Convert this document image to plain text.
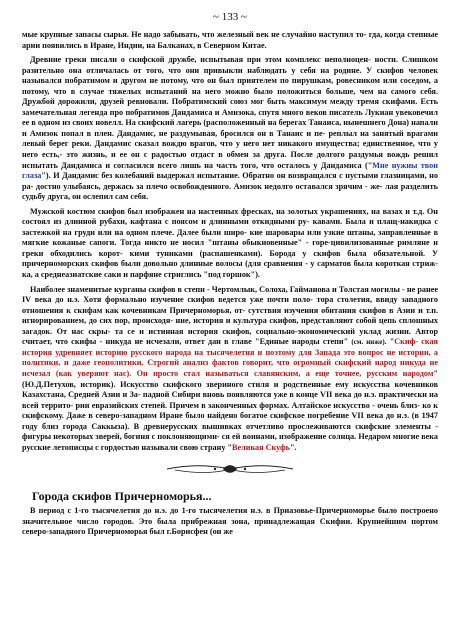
~ 133 ~

мые крупные запасы сырья. Не надо забывать, что железный век не случайно наступил то- гда, когда степные арии появились в Иране, Индии, на Балканах, в Северном Китае.

Древние греки писали о скифской дружбе, испытывая при этом комплекс неполноцен- ности. Слишком разительно она отличалась от того, что они привыкли наблюдать у себя на родине. У скифов человек назывался побратимом и другом не потому, что он был приятелем по пирушкам, ровесником или соседом, а потому, что в случае тяжелых испытаний на него можно было положиться больше, чем на самого себя. Дружбой дорожили, друзей ревновали. Побратимский союз мог быть максимум между тремя скифами. Есть замечательная легенда про побратимов Дандамиса и Амизока, спутя много веков писатель Лукиан увековечил ее в одном из своих новелл. На скифский лагерь (расположенный на берегах Танаиса, нынешнего Дона) напали и Амизок попал в плен. Дандамис, не раздумывая, бросился он в Танаис и пе- реплыл на занятый врагами левый берег реки. Дандамис сказал вождю врагов, что у него нет никакого имущества; единственное, что у него есть,- это жизнь, и ее он с радостью отдаст в обмен за друга. После долгого раздумья вождь решил испытать Дандамиса и согласился всего лишь на часть того, что осталось у Дандамиса ("Мне нужны твои глаза"). И Дандамис без колебаний выдержал испытание. Обратно он возвращался с пустыми глазницами, но ра- достно улыбаясь, держась за плечо освобожденного. Амизок недолго оставался зрячим - же- лая разделить судьбу друга, он ослепил сам себя.

Мужской костюм скифов был изображен на настенных фресках, на золотых украшениях, на вазах и т.д. Он состоял из длинной рубахи, кафтана с поясом и длинными откидными ру- кавами. Была и плащ-накидка с застежкой на груди или на одном плече. Далее были широ- кие шаровары или узкие штаны, заправленные в мягкие кожаные сапоги. Тогда никто не носил "штаны обыкновенные" - горе-цивилизованные римляне и греки обходились корот- кими туниками (распашенками). Борода у скифов была обязательной. У причерноморских скифов были довольно длинные волосы (для сравнения - у сарматов была короткая стриж- ка, а среднеазиатские саки и парфяне стриглись "под горшок").

Наиболее знаменитые курганы скифов в степи - Чертомлык, Солоха, Гаймановa и Толстая могилы - не ранее IV века до н.э. Хотя формально изучение скифов ведется уже почти поло- тора столетия, ввиду западного отношения к скифам как кочевникам Причерноморья, от- сутствия изучения обитания скифов в Азии и т.п. игнорированием, до сих пор, происходя- ние, история и культура скифов, представляют собой цепь сплошных загадок. От нас скры- та се и истинная история скифов, социально-экономический уклад жизни. Автор считает, что скифы - никуда не исчезали, ответ дан в главе "Единые народы степи" (см. ниже). "Скиф- ская история удревняет историю русского народа на тысячелетия и поэтому для Запада это вопрос не истории, а политики, и даже геополитики. Строгий анализ фактов говорит, что огромный скифский народ никуда не исчезал (как уверяют нас). Он просто стал называться славянским, а еще точнее, русским народом" (Ю.Д.Петухов, историк). Искусство скифского звериного стиля и родственные ему искусства кочевников Казахстана, Средней Азии и За- падной Сибири вновь появляются уже в конце VII века до н.э. практически на всей террито- рии евразийских степей. Причем в законченных формах. Алтайское искусство - очень близ- ко к скифскому. Даже в северо-западном Иране было найдено богатое скифское погребение VII века до н.э. (в 1947 году близ города Саккыза). В древнерусских вышивках отчетливо прослеживаются скифские элементы - фигуры некоторых зверей, богиня с поклоняющими- ся ей воинами, изображение солнца. Недаром многие века русские летописцы с гордостью называли свою страну "Великая Скуфь".

Города скифов Причерноморья...

В период с 1-го тысячелетия до н.э. до 1-го тысячелетия н.э. в Приазовье-Причерноморье было построено значительное число городов. Это была прибрежная зона, принадлежащая Скифии. Крупнейшим портом северо-западного Причерноморья был г.Борисфен (он же
